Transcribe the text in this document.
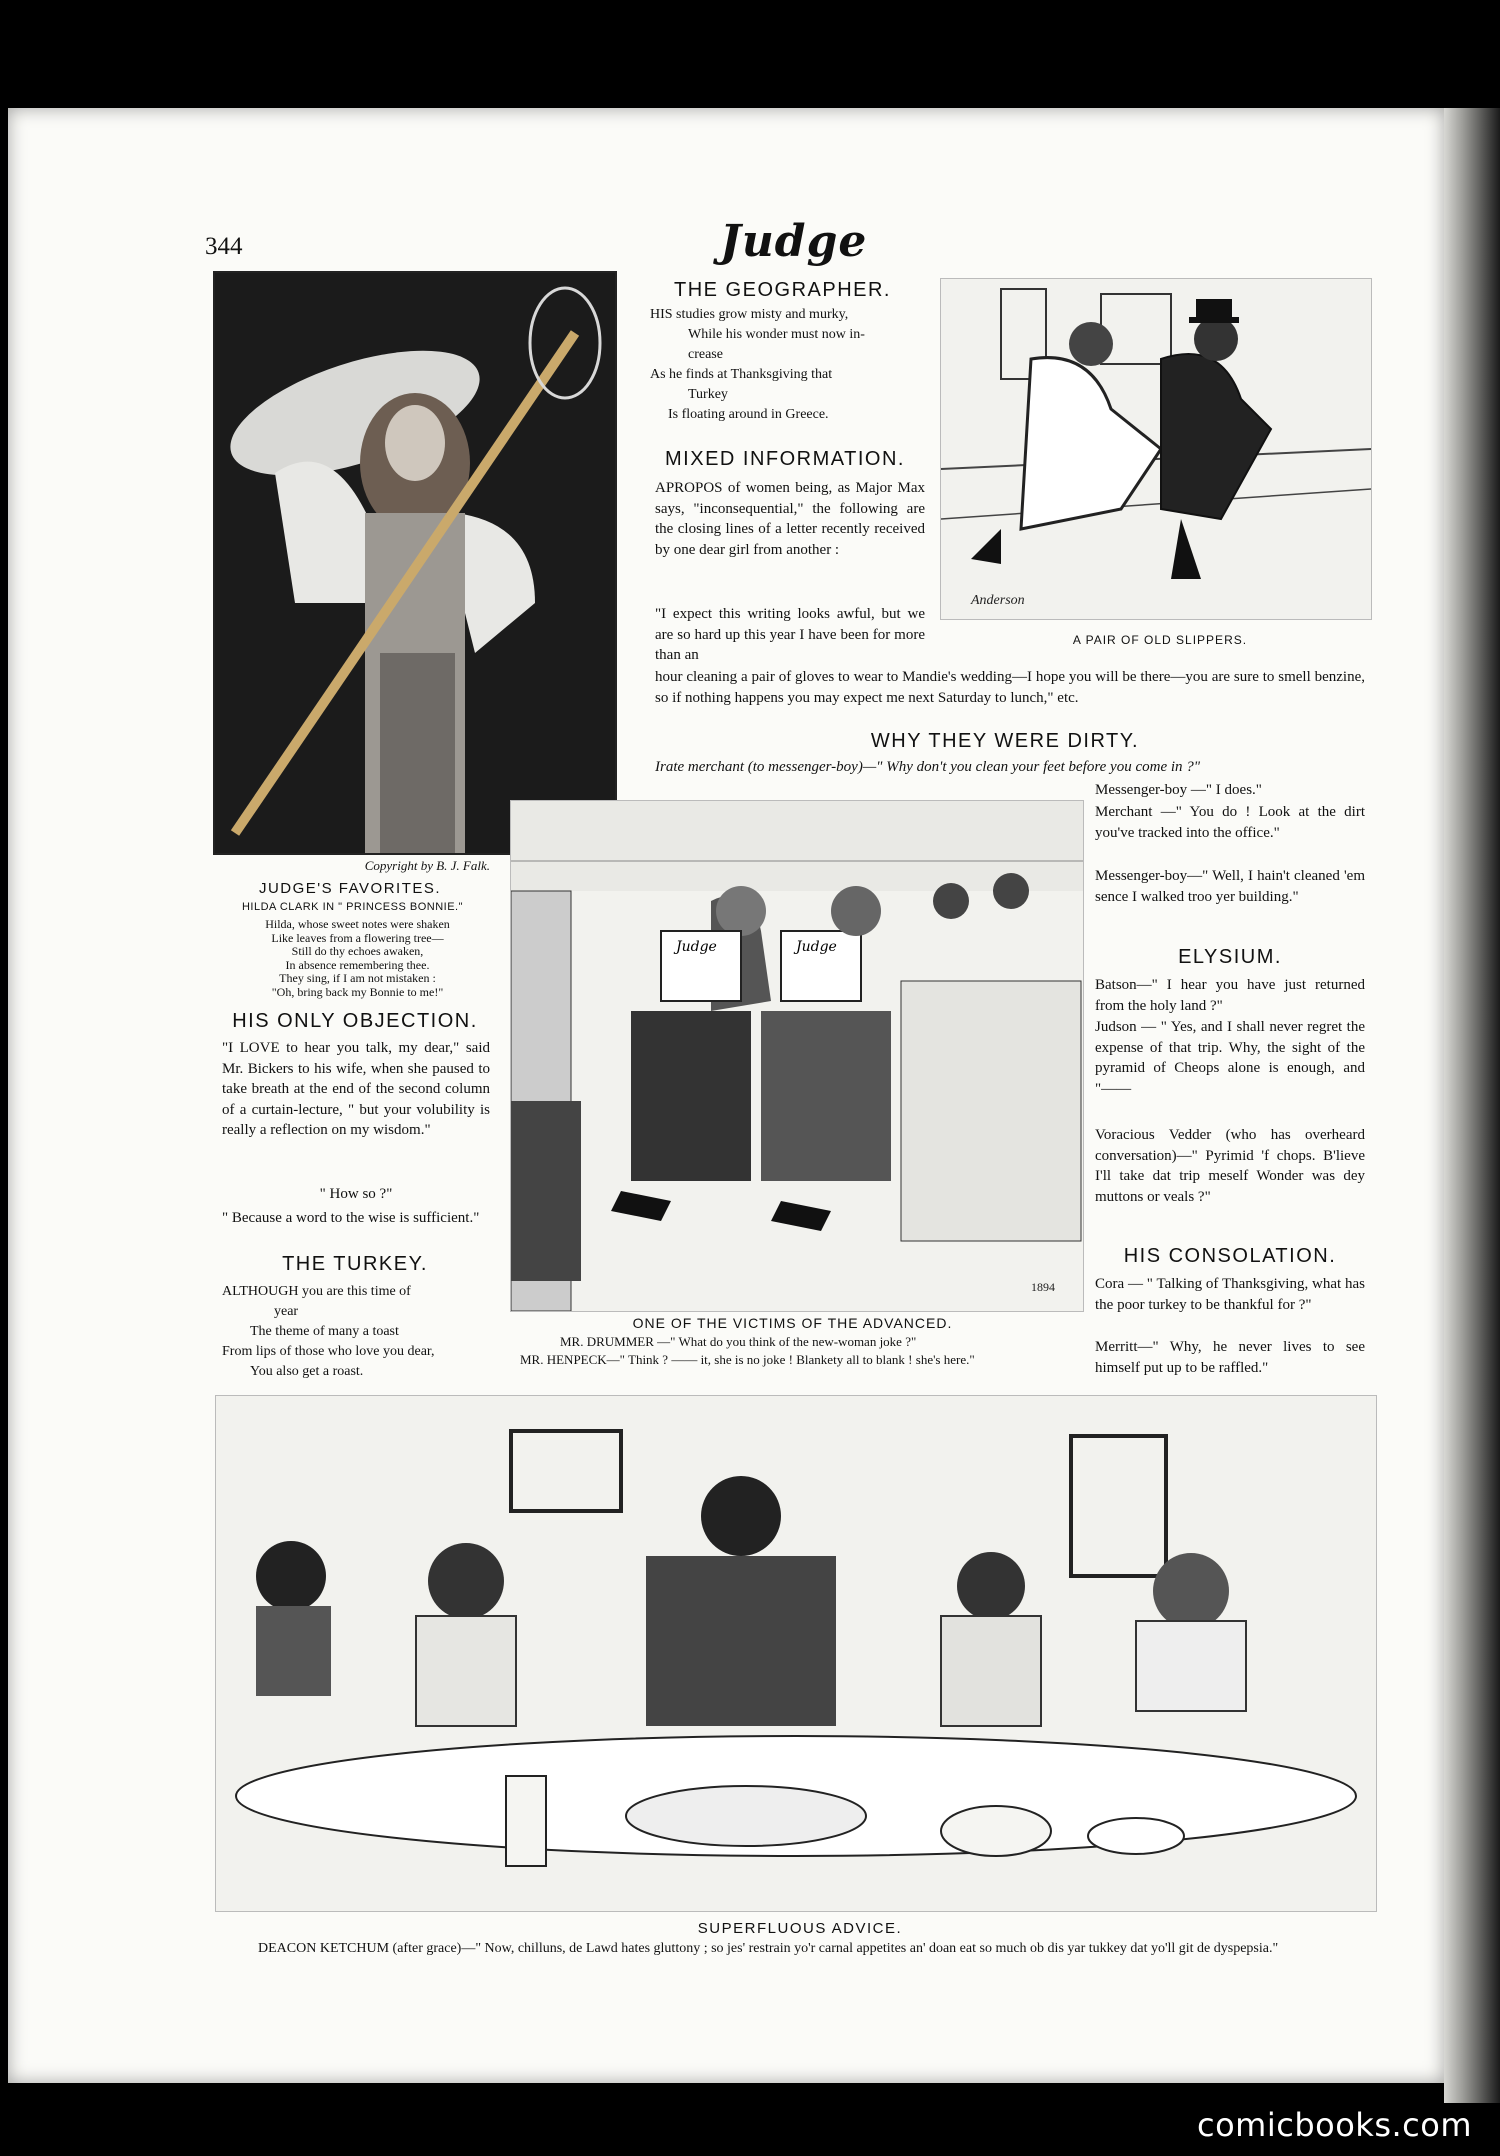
344	Judge
Copyright by B. J. Falk.
JUDGE'S FAVORITES.
HILDA CLARK IN " PRINCESS BONNIE."
Hilda, whose sweet notes were shaken
Like leaves from a flowering tree—
Still do thy echoes awaken,
In absence remembering thee.
They sing, if I am not mistaken :
"Oh, bring back my Bonnie to me!"
THE GEOGRAPHER.
HIS studies grow misty and murky,
While his wonder must now in-
crease
As he finds at Thanksgiving that
Turkey
Is floating around in Greece.
MIXED INFORMATION.
APROPOS of women being, as Major Max says, "inconsequential," the following are the closing lines of a letter recently received by one dear girl from another :
"I expect this writing looks awful, but we are so hard up this year I have been for more than an
hour cleaning a pair of gloves to wear to Mandie's wedding—I hope you will be there—you are sure to smell benzine, so if nothing happens you may expect me next Saturday to lunch," etc.
Anderson
A PAIR OF OLD SLIPPERS.
WHY THEY WERE DIRTY.
Irate merchant (to messenger-boy)—" Why don't you clean your feet before you come in ?"
Messenger-boy —" I does."
Merchant —" You do ! Look at the dirt you've tracked into the office."
Messenger-boy—" Well, I hain't cleaned 'em sence I walked troo yer building."
Judge	Judge
1894
ONE OF THE VICTIMS OF THE ADVANCED.
MR. DRUMMER —" What do you think of the new-woman joke ?"
MR. HENPECK—" Think ? —— it, she is no joke ! Blankety all to blank ! she's here."
HIS ONLY OBJECTION.
"I LOVE to hear you talk, my dear," said Mr. Bickers to his wife, when she paused to take breath at the end of the second column of a curtain-lecture, " but your volubility is really a reflection on my wisdom."
" How so ?"
" Because a word to the wise is sufficient."
THE TURKEY.
ALTHOUGH you are this time of
year
The theme of many a toast
From lips of those who love you dear,
You also get a roast.
ELYSIUM.
Batson—" I hear you have just returned from the holy land ?"
Judson — " Yes, and I shall never regret the expense of that trip. Why, the sight of the pyramid of Cheops alone is enough, and "——
Voracious Vedder (who has overheard conversation)—" Pyrimid 'f chops. B'lieve I'll take dat trip meself Wonder was dey muttons or veals ?"
HIS CONSOLATION.
Cora — " Talking of Thanksgiving, what has the poor turkey to be thankful for ?"
Merritt—" Why, he never lives to see himself put up to be raffled."
SUPERFLUOUS ADVICE.
DEACON KETCHUM (after grace)—" Now, chilluns, de Lawd hates gluttony ; so jes' restrain yo'r carnal appetites an' doan eat so much ob dis yar tukkey dat yo'll git de dyspepsia."
comicbooks.com
